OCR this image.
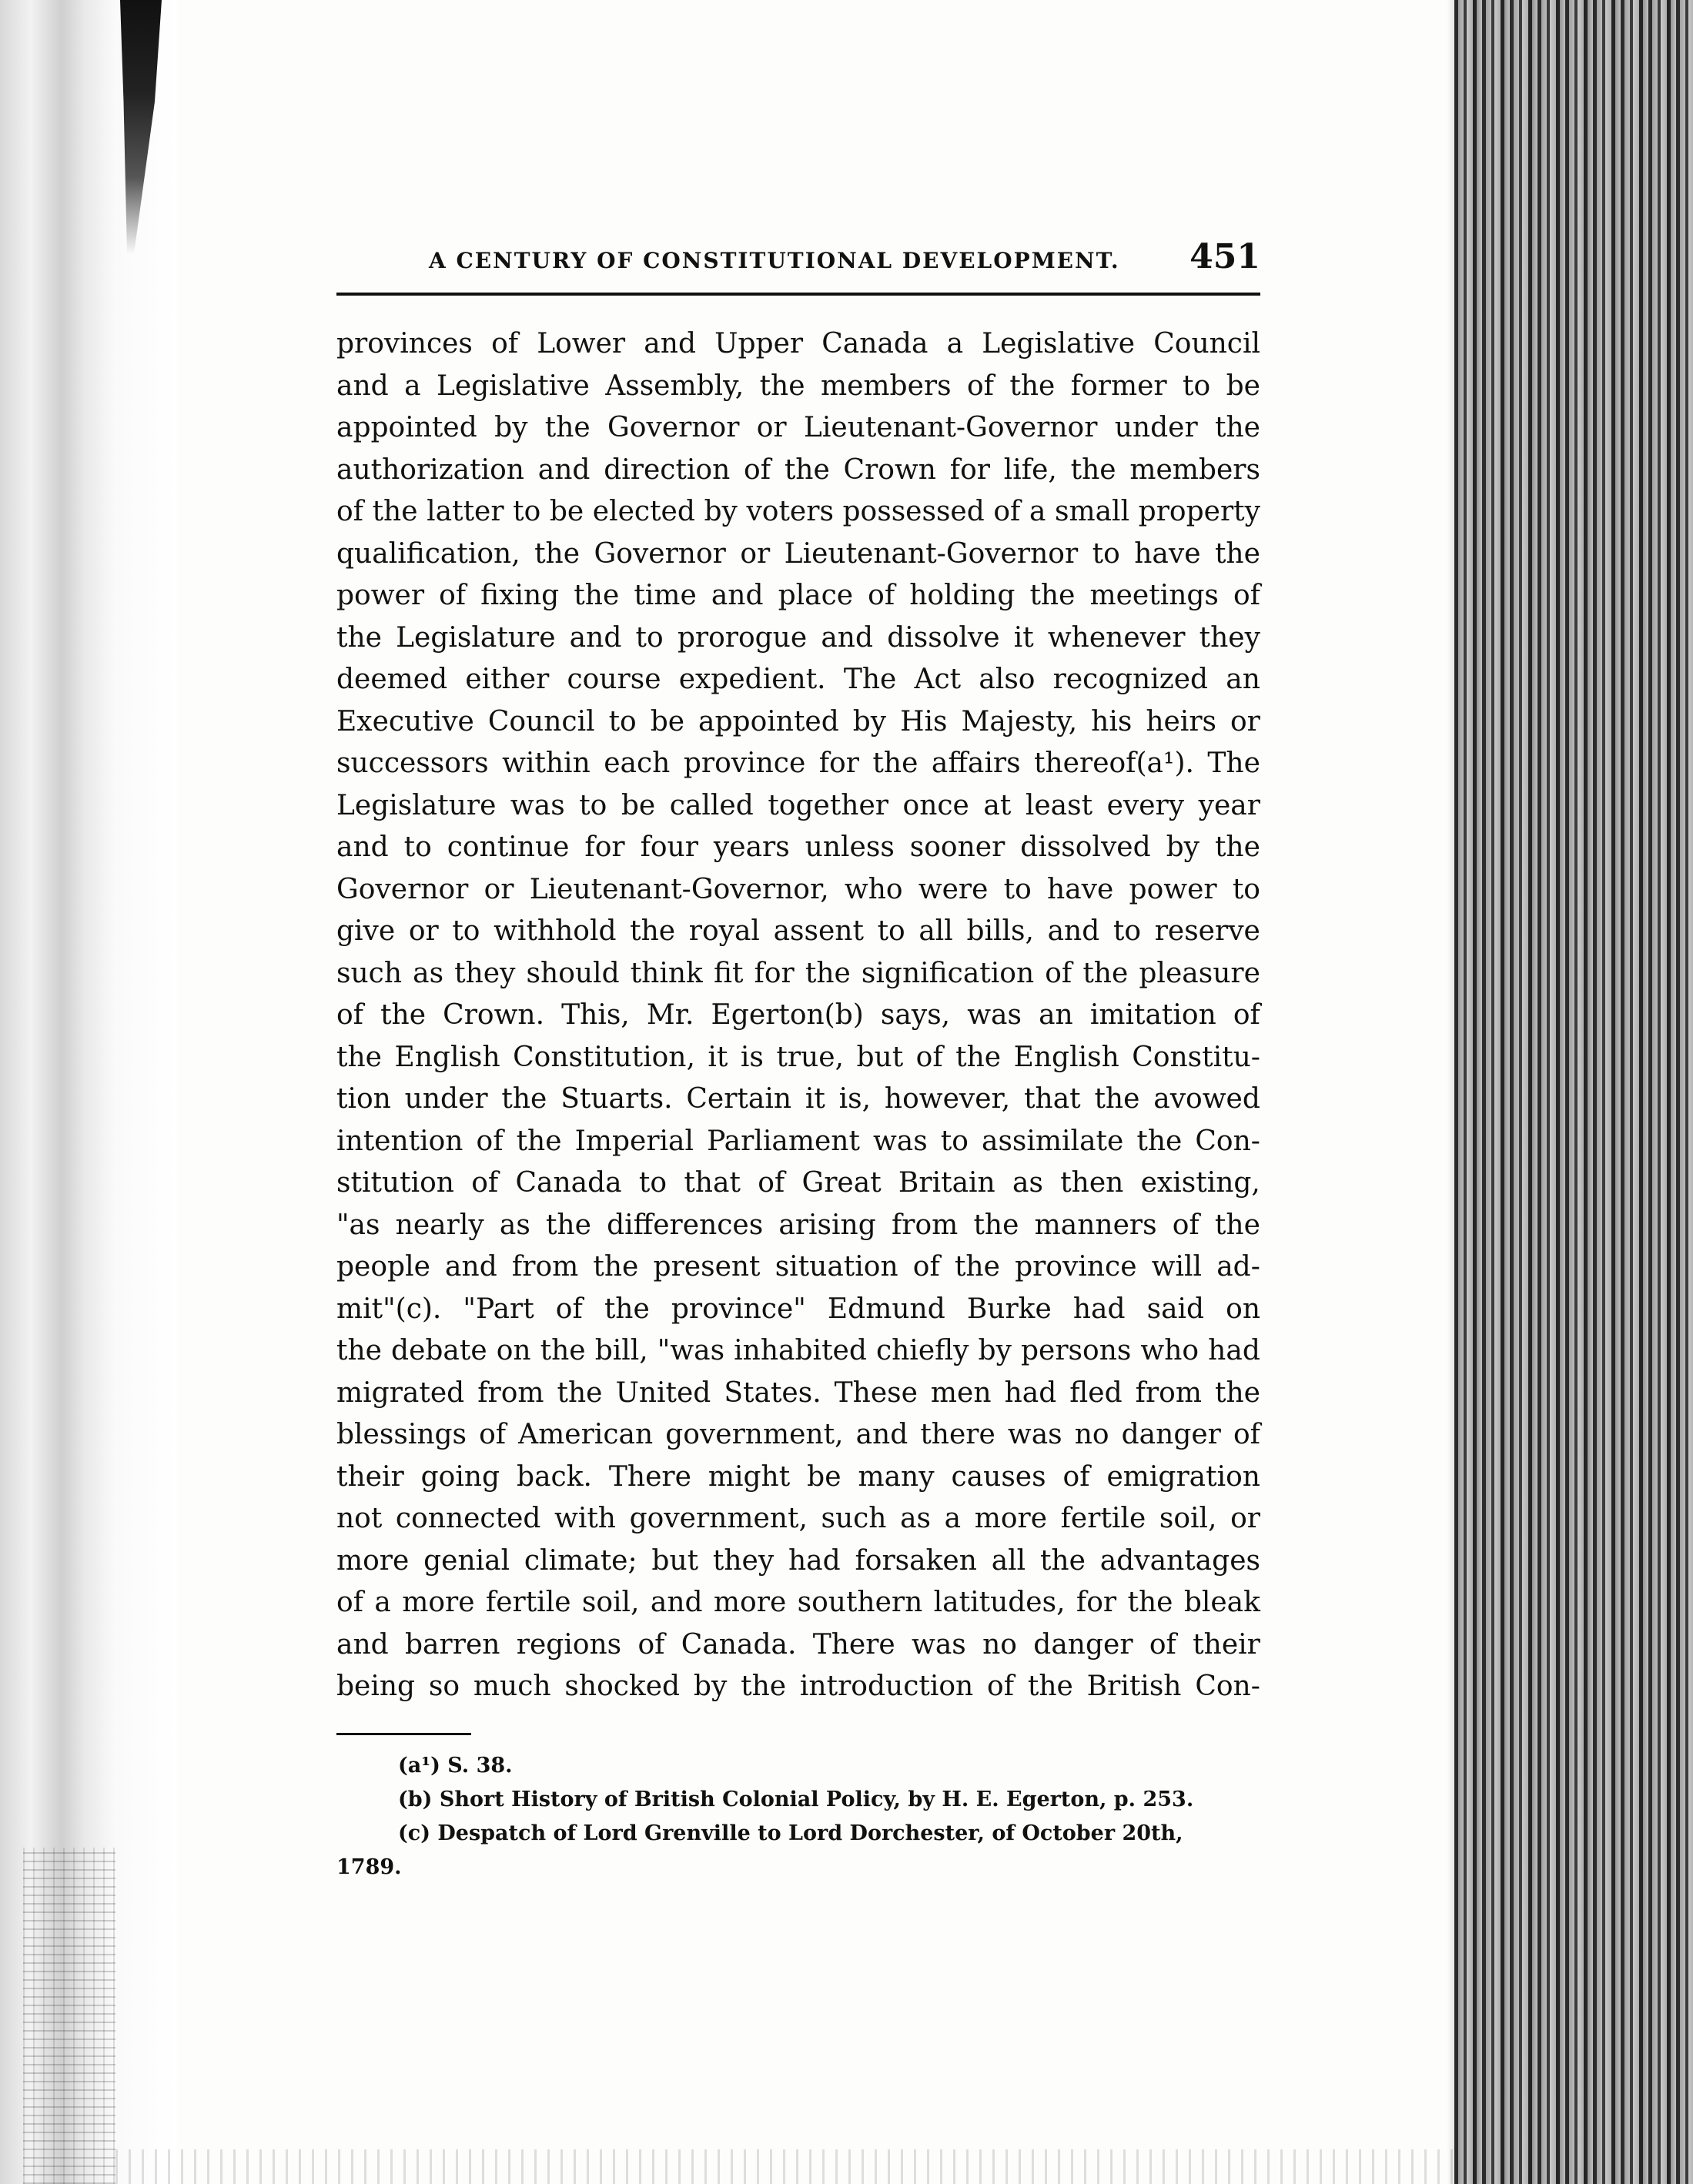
A CENTURY OF CONSTITUTIONAL DEVELOPMENT. 451
provinces of Lower and Upper Canada a Legislative Council
and a Legislative Assembly, the members of the former to be
appointed by the Governor or Lieutenant-Governor under the
authorization and direction of the Crown for life, the members
of the latter to be elected by voters possessed of a small property
qualification, the Governor or Lieutenant-Governor to have the
power of fixing the time and place of holding the meetings of
the Legislature and to prorogue and dissolve it whenever they
deemed either course expedient. The Act also recognized an
Executive Council to be appointed by His Majesty, his heirs or
successors within each province for the affairs thereof(a¹). The
Legislature was to be called together once at least every year
and to continue for four years unless sooner dissolved by the
Governor or Lieutenant-Governor, who were to have power to
give or to withhold the royal assent to all bills, and to reserve
such as they should think fit for the signification of the pleasure
of the Crown. This, Mr. Egerton(b) says, was an imitation of
the English Constitution, it is true, but of the English Constitu-
tion under the Stuarts. Certain it is, however, that the avowed
intention of the Imperial Parliament was to assimilate the Con-
stitution of Canada to that of Great Britain as then existing,
"as nearly as the differences arising from the manners of the
people and from the present situation of the province will ad-
mit"(c). "Part of the province" Edmund Burke had said on
the debate on the bill, "was inhabited chiefly by persons who had
migrated from the United States. These men had fled from the
blessings of American government, and there was no danger of
their going back. There might be many causes of emigration
not connected with government, such as a more fertile soil, or
more genial climate; but they had forsaken all the advantages
of a more fertile soil, and more southern latitudes, for the bleak
and barren regions of Canada. There was no danger of their
being so much shocked by the introduction of the British Con-
(a¹) S. 38.
(b) Short History of British Colonial Policy, by H. E. Egerton, p. 253.
(c) Despatch of Lord Grenville to Lord Dorchester, of October 20th,
1789.
